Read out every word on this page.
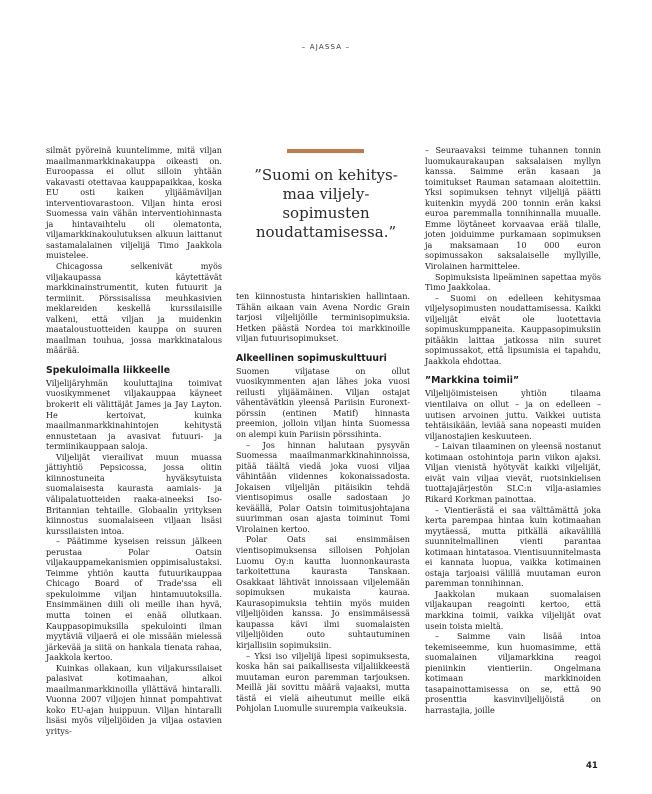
– AJASSA –

silmät pyöreinä kuuntelimme, mitä viljan maailmanmarkkinakauppa oikeasti on. Euroopassa ei ollut silloin yhtään vakavasti otettavaa kauppapaikkaa, koska EU osti kaiken ylijäämäviljan interventiovarastoon. Viljan hinta erosi Suomessa vain vähän interventiohinnasta ja hintavaihtelu oli olematonta, viljamarkkinakoulutuksen alkuun laittanut sastamalalainen viljelijä Timo Jaakkola muistelee.

Chicagossa selkenivät myös viljakaupassa käytettävät markkinainstrumentit, kuten futuurit ja termiinit. Pörssisalissa meuhkasivien meklareiden keskellä kurssilaisille valkeni, että viljan ja muidenkin maataloustuotteiden kauppa on suuren maailman touhua, jossa markkinatalous määrää.

Spekuloimalla liikkeelle

Viljelijäryhmän kouluttajina toimivat vuosikymmenet viljakauppaa käyneet brokerit eli välittäjät James ja Jay Layton. He kertoivat, kuinka maailmanmarkkinahintojen kehitystä ennustetaan ja avasivat futuuri- ja termiinikauppaan saloja.

Viljelijät vierailivat muun muassa jättiyhtiö Pepsicossa, jossa olitin kiinnostuneita hyväksytuista suomalaisesta kaurasta aamiais- ja välipalatuotteiden raaka-aineeksi Iso-Britannian tehtaille. Globaalin yrityksen kiinnostus suomalaiseen viljaan lisäsi kurssilaisten intoa.

– Päätimme kyseisen reissun jälkeen perustaa Polar Oatsin viljakauppamekanismien oppimisalustaksi. Teimme yhtiön kautta futuurikauppaa Chicago Board of Trade'ssa eli spekuloimme viljan hintamuutoksilla. Ensimmäinen diili oli meille ihan hyvä, mutta toinen ei enää ollutkaan. Kauppasopimuksilla spekulointi ilman myytäviä viljaerä ei ole missään mielessä järkevää ja siitä on hankala tienata rahaa, Jaakkola kertoo.

Kuinkas ollakaan, kun viljakurssilaiset palasivat kotimaahan, alkoi maailmanmarkkinoilla yllättävä hintaralli. Vuonna 2007 viljojen hinnat pompahtivat koko EU-ajan huippuun. Viljan hintaralli lisäsi myös viljelijöiden ja viljaa ostavien yritys-

”Suomi on kehitys-maa viljely-sopimusten noudattamisessa.”

ten kiinnostusta hintariskien hallintaan. Tähän aikaan vain Avena Nordic Grain tarjosi viljelijöille terminisopimuksia. Hetken päästä Nordea toi markkinoille viljan futuurisopimukset.

Alkeellinen sopimuskulttuuri

Suomen viljatase on ollut vuosikymmenten ajan lähes joka vuosi reilusti ylijäämäinen. Viljan ostajat vähentävätkin yleensä Pariisin Euronext-pörssin (entinen Matif) hinnasta preemion, jolloin viljan hinta Suomessa on alempi kuin Pariisin pörssihinta.

– Jos hinnan halutaan pysyvän Suomessa maailmanmarkkinahinnoissa, pitää täältä viedä joka vuosi viljaa vähintään viidennes kokonaissadosta. Jokaisen viljelijän pitäisikin tehdä vientisopimus osalle sadostaan jo keväällä, Polar Oatsin toimitusjohtajana suurimman osan ajasta toiminut Tomi Virolainen kertoo.

Polar Oats sai ensimmäisen vientisopimuksensa silloisen Pohjolan Luomu Oy:n kautta luonnonkaurasta tarkoitettuna kaurasta Tanskaan. Osakkaat lähtivät innoissaan viljelemään sopimuksen mukaista kauraa. Kaurasopimuksia tehtiin myös muiden viljelijöiden kanssa. Jo ensimmäisessä kaupassa kävi ilmi suomalaisten viljelijöiden outo suhtautuminen kirjallisiin sopimuksiin.

– Yksi iso viljelijä lipesi sopimuksesta, koska hän sai paikallisesta viljaliikkeestä muutaman euron paremman tarjouksen. Meillä jäi sovittu määrä vajaaksi, mutta tästä ei vielä aiheutunut meille eikä Pohjolan Luomulle suurempia vaikeuksia.

– Seuraavaksi teimme tuhannen tonnin luomukaurakaupan saksalaisen myllyn kanssa. Saimme erän kasaan ja toimitukset Rauman satamaan aloitettiin. Yksi sopimuksen tehnyt viljelijä päätti kuitenkin myydä 200 tonnin erän kaksi euroa paremmalla tonnihinnalla muualle. Emme löytäneet korvaavaa erää tilalle, joten joiduimme purkamaan sopimuksen ja maksamaan 10 000 euron sopimussakon saksalaiselle myllyille, Virolainen harmittelee.

Sopimuksista lipeäminen sapettaa myös Timo Jaakkolaa.

– Suomi on edelleen kehitysmaa viljelysopimusten noudattamisessa. Kaikki viljelijät eivät ole luotettavia sopimuskumppaneita. Kauppasopimuksiin pitääkin laittaa jatkossa niin suuret sopimussakot, että lipsumisia ei tapahdu, Jaakkola ehdottaa.

”Markkina toimii”

Viljelijöimisteisen yhtiön tilaama vientilaiva on ollut – ja on edelleen – uutisen arvoinen juttu. Vaikkei uutista tehtäisikään, leviää sana nopeasti muiden viljanostajien keskuuteen.

– Laivan tilaaminen on yleensä nostanut kotimaan ostohintoja parin viikon ajaksi. Viljan vienistä hyötyvät kaikki viljelijät, eivät vain viljaa vievät, ruotsinkielisen tuottajajärjestön SLC:n vilja-asiamies Rikard Korkman painottaa.

– Vientierästä ei saa välttämättä joka kerta parempaa hintaa kuin kotimaahan myytäessä, mutta pitkällä aikavälillä suunnitelmallinen vienti parantaa kotimaan hintatasoa. Vientisuunnitelmasta ei kannata luopua, vaikka kotimainen ostaja tarjoaisi välillä muutaman euron paremman tonnihinnan.

Jaakkolan mukaan suomalaisen viljakaupan reagointi kertoo, että markkina toimii, vaikka viljelijät ovat usein toista mieltä.

– Saimme vain lisää intoa tekemiseemme, kun huomasimme, että suomalainen viljamarkkina reagoi pieniinkin vientieriin. Ongelmana kotimaan markkinoiden tasapainottamisessa on se, että 90 prosenttia kasvinviljelijöistä on harrastajia, joille

41
